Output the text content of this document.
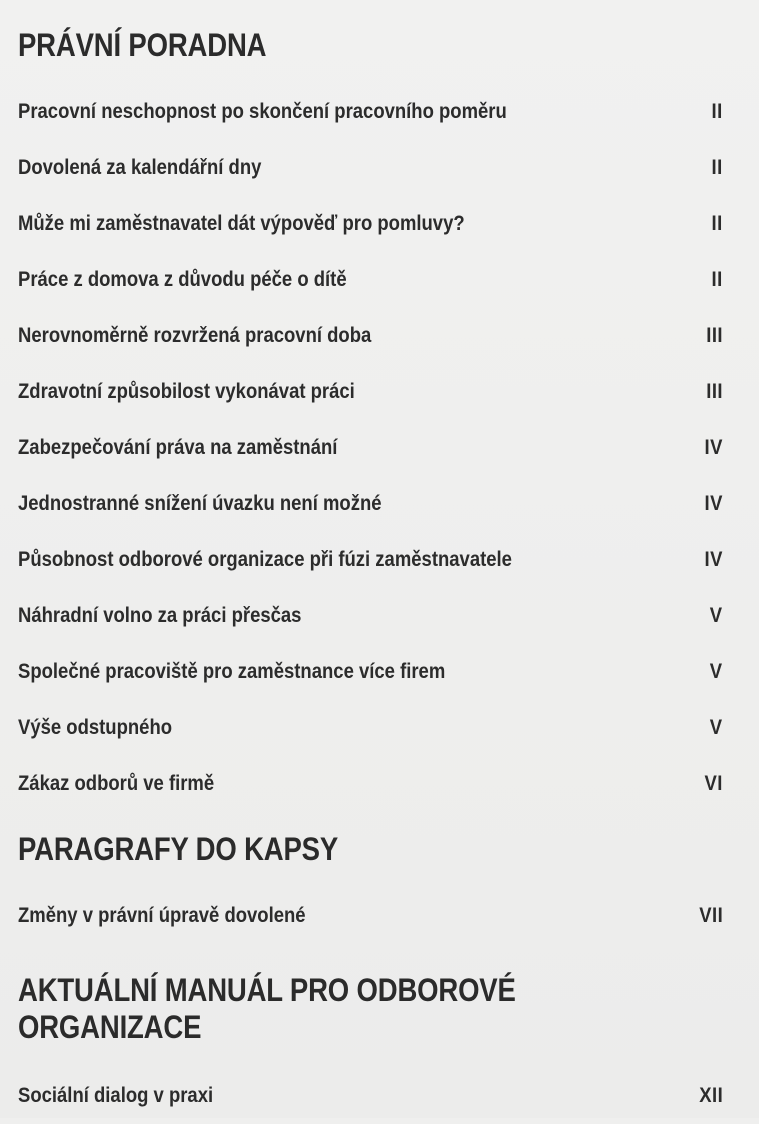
PRÁVNÍ PORADNA
Pracovní neschopnost po skončení pracovního poměru	II
Dovolená za kalendářní dny	II
Může mi zaměstnavatel dát výpověď pro pomluvy?	II
Práce z domova z důvodu péče o dítě	II
Nerovnoměrně rozvržená pracovní doba	III
Zdravotní způsobilost vykonávat práci	III
Zabezpečování práva na zaměstnání	IV
Jednostranné snížení úvazku není možné	IV
Působnost odborové organizace při fúzi zaměstnavatele	IV
Náhradní volno za práci přesčas	V
Společné pracoviště pro zaměstnance více firem	V
Výše odstupného	V
Zákaz odborů ve firmě	VI
PARAGRAFY DO KAPSY
Změny v právní úpravě dovolené	VII
AKTUÁLNÍ MANUÁL PRO ODBOROVÉ
ORGANIZACE
Sociální dialog v praxi	XII
